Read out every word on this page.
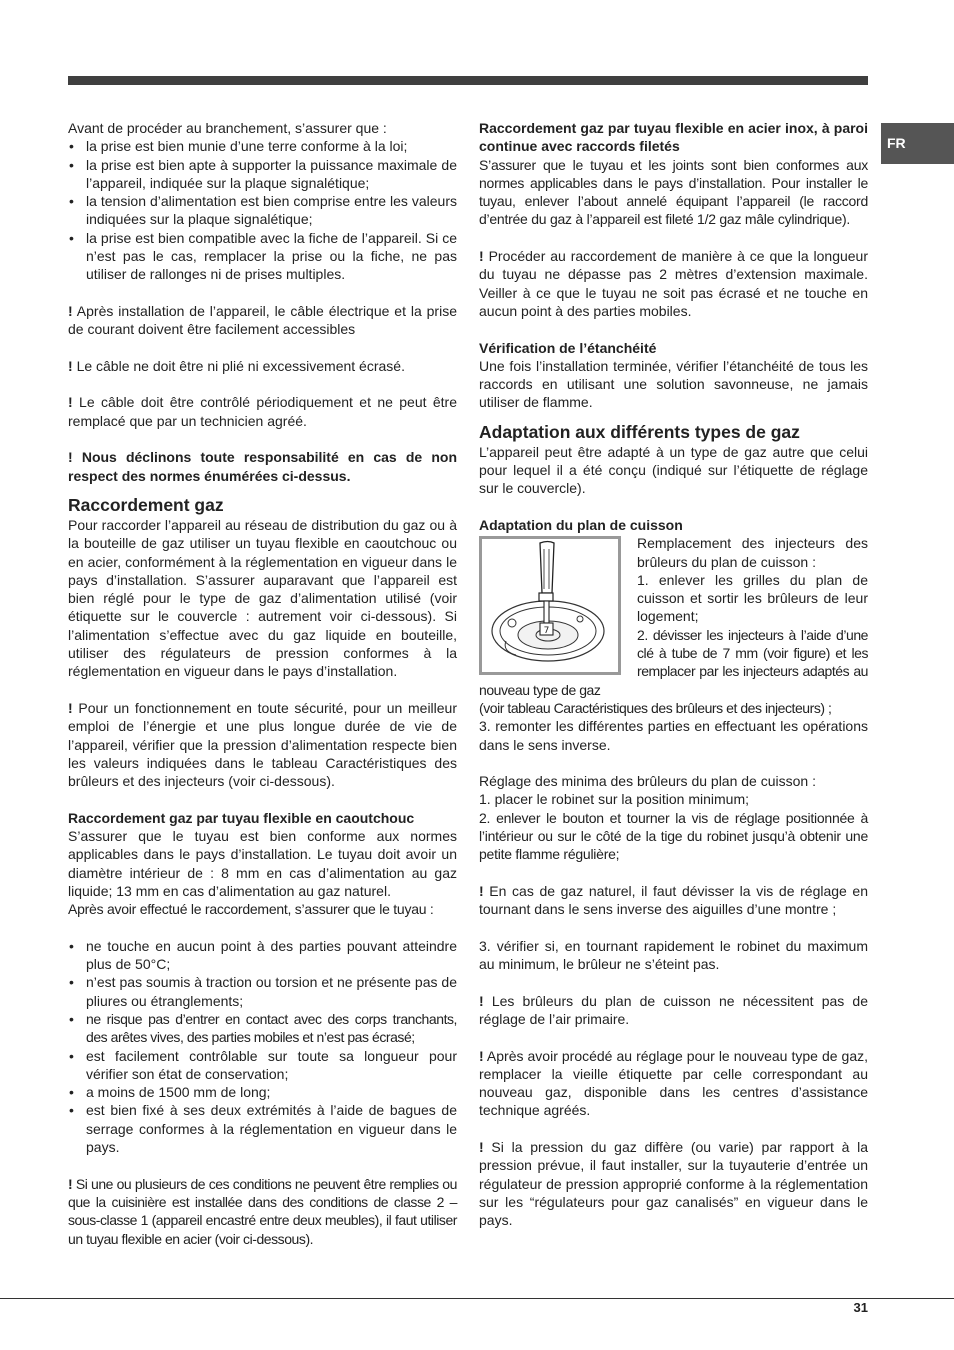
FR

Avant de procéder au branchement, s’assurer que :

• la prise est bien munie d’une terre conforme à la loi;
• la prise est bien apte à supporter la puissance maximale de l’appareil, indiquée sur la plaque signalétique;
• la tension d’alimentation est bien comprise entre les valeurs indiquées sur la plaque signalétique;
• la prise est bien compatible avec la fiche de l’appareil. Si ce n’est pas le cas, remplacer la prise ou la fiche, ne pas utiliser de rallonges ni de prises multiples.

! Après installation de l’appareil, le câble électrique et la prise de courant doivent être facilement accessibles

! Le câble ne doit être ni plié ni excessivement écrasé.

! Le câble doit être contrôlé périodiquement et ne peut être remplacé que par un technicien agréé.

! Nous déclinons toute responsabilité en cas de non respect des normes énumérées ci-dessus.

Raccordement gaz

Pour raccorder l’appareil au réseau de distribution du gaz ou à la bouteille de gaz utiliser un tuyau flexible en caoutchouc ou en acier, conformément à la réglementation en vigueur dans le pays d’installation. S’assurer auparavant que l’appareil est bien réglé pour le type de gaz d’alimentation utilisé (voir étiquette sur le couvercle : autrement voir ci-dessous). Si l’alimentation s’effectue avec du gaz liquide en bouteille, utiliser des régulateurs de pression conformes à la réglementation en vigueur dans le pays d’installation.

! Pour un fonctionnement en toute sécurité, pour un meilleur emploi de l’énergie et une plus longue durée de vie de l’appareil, vérifier que la pression d’alimentation respecte bien les valeurs indiquées dans le tableau Caractéristiques des brûleurs et des injecteurs (voir ci-dessous).

Raccordement gaz par tuyau flexible en caoutchouc

S’assurer que le tuyau est bien conforme aux normes applicables dans le pays d’installation. Le tuyau doit avoir un diamètre intérieur de : 8 mm en cas d’alimentation au gaz liquide; 13 mm en cas d’alimentation au gaz naturel.

Après avoir effectué le raccordement, s’assurer que le tuyau :

• ne touche en aucun point à des parties pouvant atteindre plus de 50°C;
• n’est pas soumis à traction ou torsion et ne présente pas de pliures ou étranglements;
• ne risque pas d’entrer en contact avec des corps tranchants, des arêtes vives, des parties mobiles et n’est pas écrasé;
• est facilement contrôlable sur toute sa longueur pour vérifier son état de conservation;
• a moins de 1500 mm de long;
• est bien fixé à ses deux extrémités à l’aide de bagues de serrage conformes à la réglementation en vigueur dans le pays.

! Si une ou plusieurs de ces conditions ne peuvent être remplies ou que la cuisinière est installée dans des conditions de classe 2 – sous-classe 1 (appareil encastré entre deux meubles), il faut utiliser un tuyau flexible en acier (voir ci-dessous).

Raccordement gaz par tuyau flexible en acier inox, à paroi continue avec raccords filetés

S’assurer que le tuyau et les joints sont bien conformes aux normes applicables dans le pays d’installation. Pour installer le tuyau, enlever l’about annelé équipant l’appareil (le raccord d’entrée du gaz à l’appareil est fileté 1/2 gaz mâle cylindrique).

! Procéder au raccordement de manière à ce que la longueur du tuyau ne dépasse pas 2 mètres d’extension maximale. Veiller à ce que le tuyau ne soit pas écrasé et ne touche en aucun point à des parties mobiles.

Vérification de l’étanchéité

Une fois l’installation terminée, vérifier l’étanchéité de tous les raccords en utilisant une solution savonneuse, ne jamais utiliser de flamme.

Adaptation aux différents types de gaz

L’appareil peut être adapté à un type de gaz autre que celui pour lequel il a été conçu (indiqué sur l’étiquette de réglage sur le couvercle).

Adaptation du plan de cuisson
7

Remplacement des injecteurs des brûleurs du plan de cuisson :

1. enlever les grilles du plan de cuisson et sortir les brûleurs de leur logement;

2. dévisser les injecteurs à l’aide d’une clé à tube de 7 mm (voir figure) et les remplacer par les injecteurs adaptés au nouveau type de gaz

(voir tableau Caractéristiques des brûleurs et des injecteurs) ;

3. remonter les différentes parties en effectuant les opérations dans le sens inverse.

Réglage des minima des brûleurs du plan de cuisson :

1. placer le robinet sur la position minimum;

2. enlever le bouton et tourner la vis de réglage positionnée à l’intérieur ou sur le côté de la tige du robinet jusqu’à obtenir une petite flamme régulière;

! En cas de gaz naturel, il faut dévisser la vis de réglage en tournant dans le sens inverse des aiguilles d’une montre ;

3. vérifier si, en tournant rapidement le robinet du maximum au minimum, le brûleur ne s’éteint pas.

! Les brûleurs du plan de cuisson ne nécessitent pas de réglage de l’air primaire.

! Après avoir procédé au réglage pour le nouveau type de gaz, remplacer la vieille étiquette par celle correspondant au nouveau gaz, disponible dans les centres d’assistance technique agréés.

! Si la pression du gaz diffère (ou varie) par rapport à la pression prévue, il faut installer, sur la tuyauterie d’entrée un régulateur de pression approprié conforme à la réglementation sur les “régulateurs pour gaz canalisés” en vigueur dans le pays.

31
